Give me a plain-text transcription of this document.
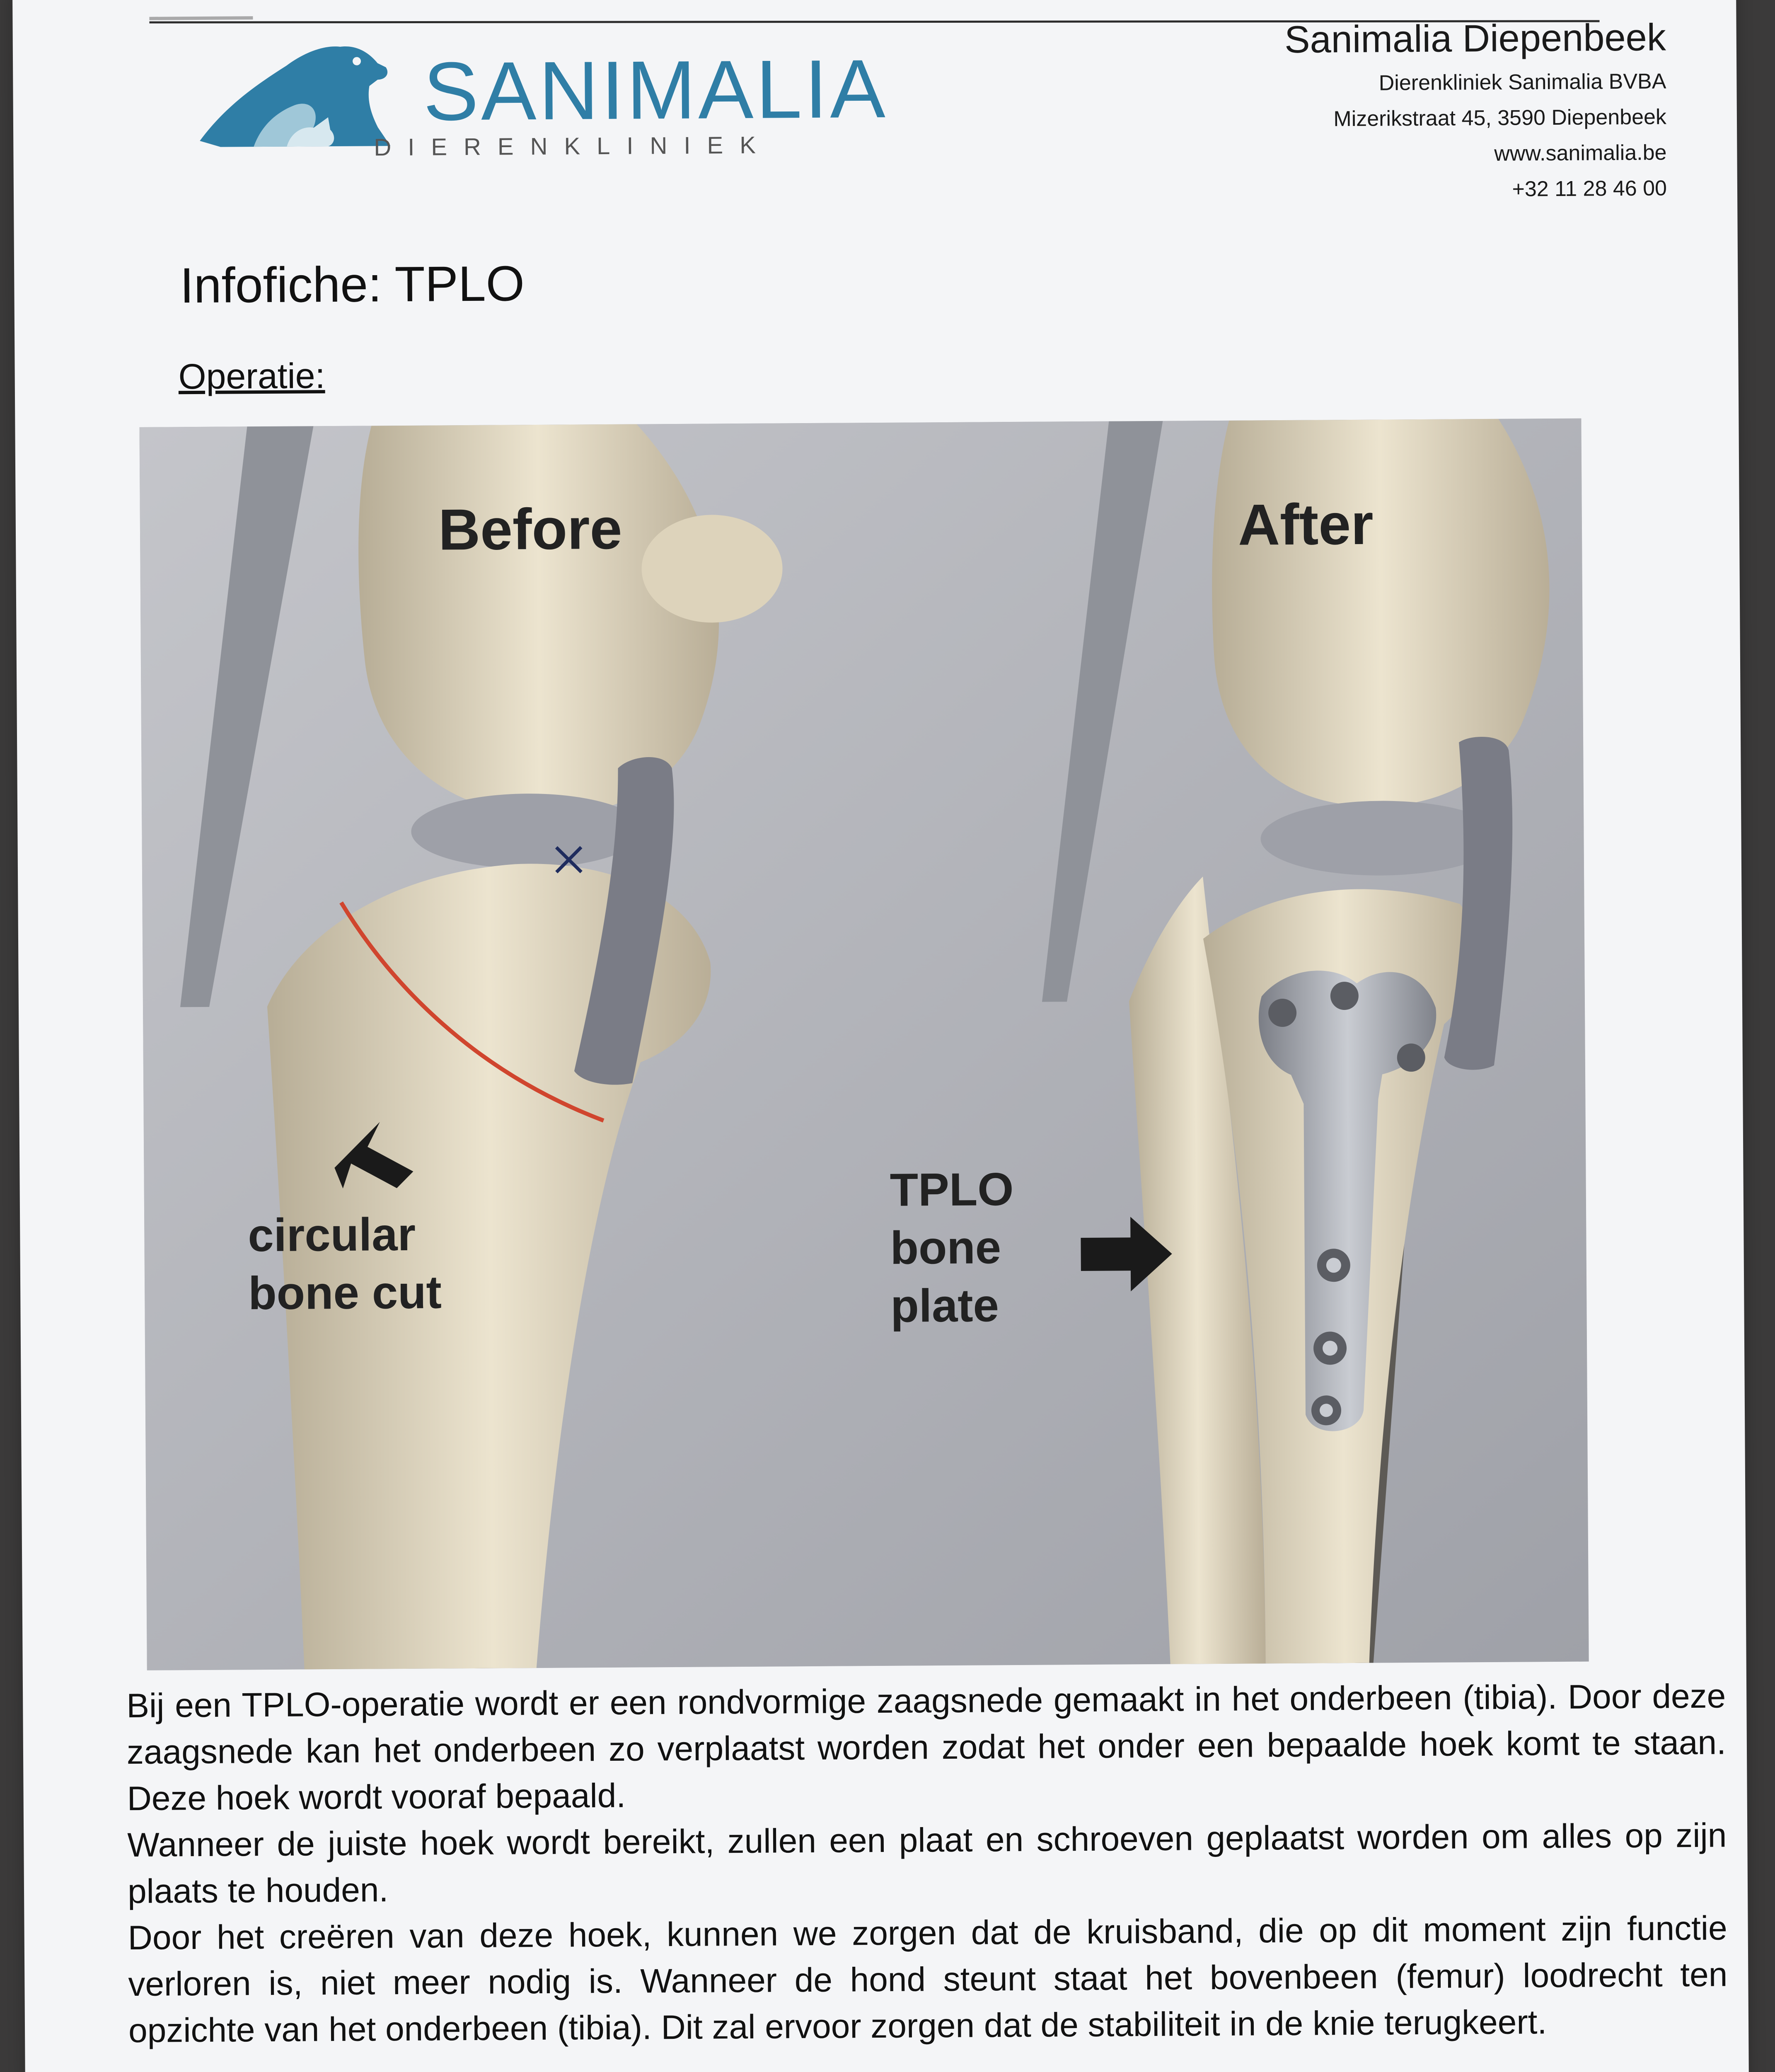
SANIMALIA
DIERENKLINIEK
Sanimalia Diepenbeek
Dierenkliniek Sanimalia BVBA
Mizerikstraat 45, 3590 Diepenbeek
www.sanimalia.be
+32 11 28 46 00
Infofiche: TPLO
Operatie:
Before	After
circular
bone cut
TPLO
bone
plate

Bij een TPLO-operatie wordt er een rondvormige zaagsnede gemaakt in het onderbeen (tibia). Door deze zaagsnede kan het onderbeen zo verplaatst worden zodat het onder een bepaalde hoek komt te staan. Deze hoek wordt vooraf bepaald.

Wanneer de juiste hoek wordt bereikt, zullen een plaat en schroeven geplaatst worden om alles op zijn plaats te houden.

Door het creëren van deze hoek, kunnen we zorgen dat de kruisband, die op dit moment zijn functie verloren is, niet meer nodig is. Wanneer de hond steunt staat het bovenbeen (femur) loodrecht ten opzichte van het onderbeen (tibia). Dit zal ervoor zorgen dat de stabiliteit in de knie terugkeert.
